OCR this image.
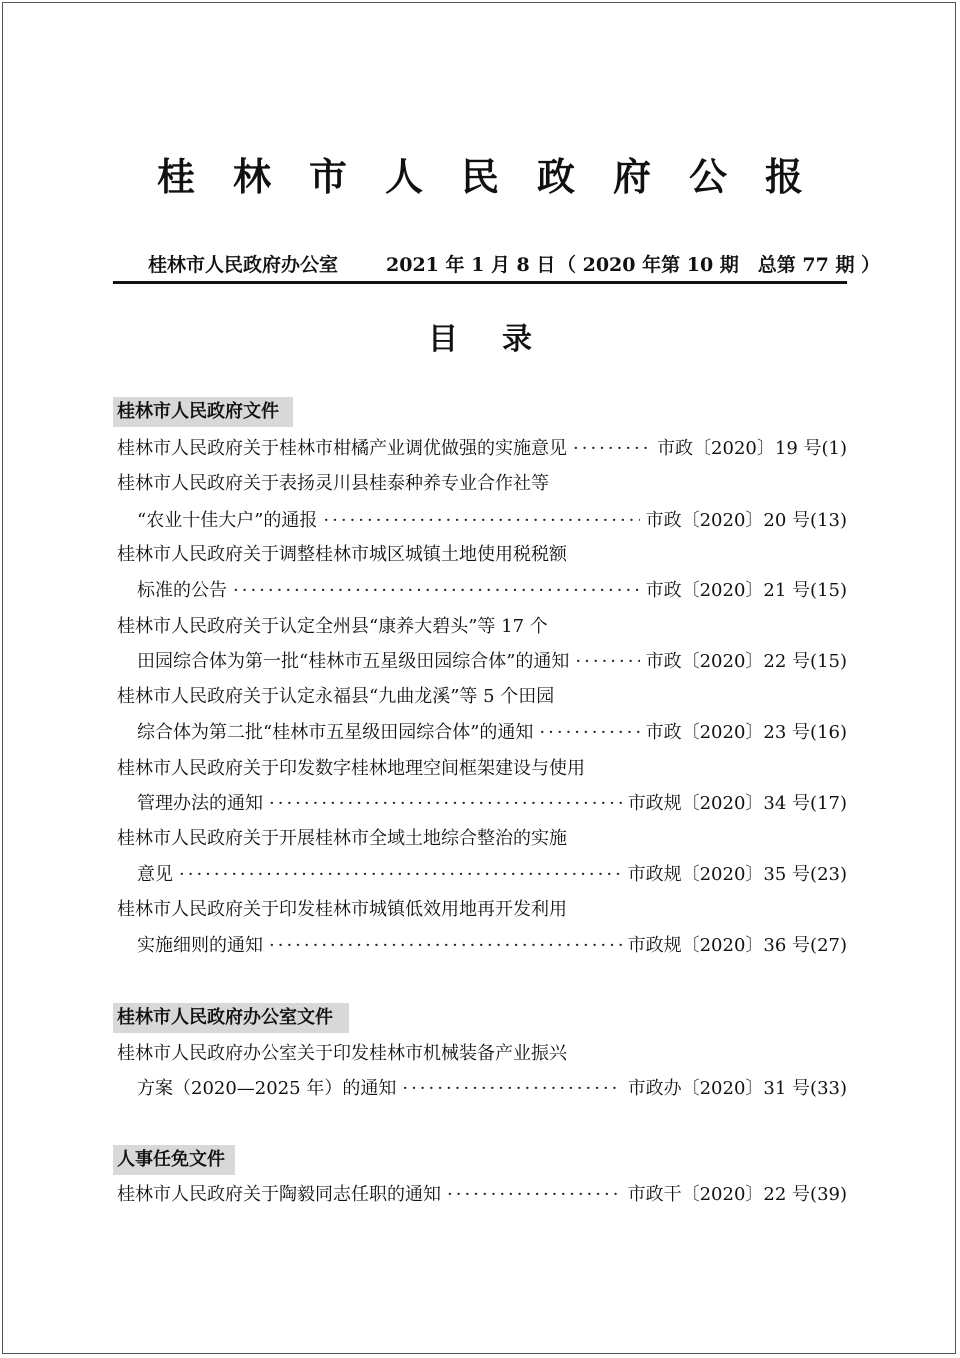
桂林市人民政府公报
桂林市人民政府办公室	2021 年 1 月 8 日 （ 2020 年第 10 期　总第 77 期 ）
目录
桂林市人民政府文件
桂林市人民政府关于桂林市柑橘产业调优做强的实施意见 ·····	市政〔2020〕19 号(1)
桂林市人民政府关于表扬灵川县桂泰种养专业合作社等
“农业十佳大户”的通报 ·····	市政〔2020〕20 号(13)
桂林市人民政府关于调整桂林市城区城镇土地使用税税额
标准的公告 ·····	市政〔2020〕21 号(15)
桂林市人民政府关于认定全州县“康养大碧头”等 17 个
田园综合体为第一批“桂林市五星级田园综合体”的通知 ·····	市政〔2020〕22 号(15)
桂林市人民政府关于认定永福县“九曲龙溪”等 5 个田园
综合体为第二批“桂林市五星级田园综合体”的通知 ·····	市政〔2020〕23 号(16)
桂林市人民政府关于印发数字桂林地理空间框架建设与使用
管理办法的通知 ·····	市政规〔2020〕34 号(17)
桂林市人民政府关于开展桂林市全域土地综合整治的实施
意见 ·····	市政规〔2020〕35 号(23)
桂林市人民政府关于印发桂林市城镇低效用地再开发利用
实施细则的通知 ·····	市政规〔2020〕36 号(27)
桂林市人民政府办公室文件
桂林市人民政府办公室关于印发桂林市机械装备产业振兴
方案（2020—2025 年）的通知 ·····	市政办〔2020〕31 号(33)
人事任免文件
桂林市人民政府关于陶毅同志任职的通知 ·····	市政干〔2020〕22 号(39)
